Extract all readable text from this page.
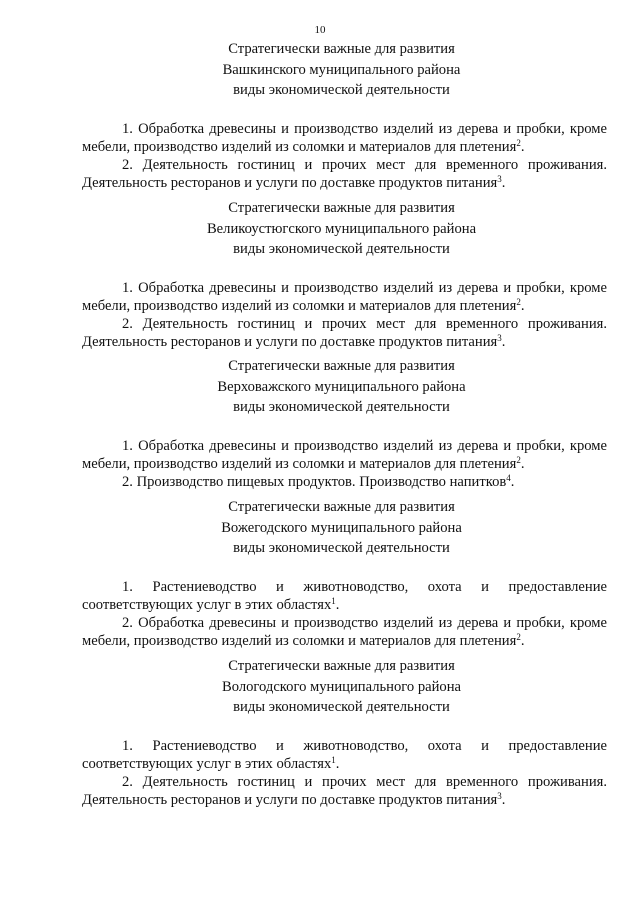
10
Стратегически важные для развития
Вашкинского муниципального района
виды экономической деятельности
1. Обработка древесины и производство изделий из дерева и пробки, кроме мебели, производство изделий из соломки и материалов для плетения$^2$.
2. Деятельность гостиниц и прочих мест для временного проживания. Деятельность ресторанов и услуги по доставке продуктов питания$^3$.
Стратегически важные для развития
Великоустюгского муниципального района
виды экономической деятельности
1. Обработка древесины и производство изделий из дерева и пробки, кроме мебели, производство изделий из соломки и материалов для плетения$^2$.
2. Деятельность гостиниц и прочих мест для временного проживания. Деятельность ресторанов и услуги по доставке продуктов питания$^3$.
Стратегически важные для развития
Верховажского муниципального района
виды экономической деятельности
1. Обработка древесины и производство изделий из дерева и пробки, кроме мебели, производство изделий из соломки и материалов для плетения$^2$.
2. Производство пищевых продуктов. Производство напитков$^4$.
Стратегически важные для развития
Вожегодского муниципального района
виды экономической деятельности
1. Растениеводство и животноводство, охота и предоставление соответствующих услуг в этих областях$^1$.
2. Обработка древесины и производство изделий из дерева и пробки, кроме мебели, производство изделий из соломки и материалов для плетения$^2$.
Стратегически важные для развития
Вологодского муниципального района
виды экономической деятельности
1. Растениеводство и животноводство, охота и предоставление соответствующих услуг в этих областях$^1$.
2. Деятельность гостиниц и прочих мест для временного проживания. Деятельность ресторанов и услуги по доставке продуктов питания$^3$.
